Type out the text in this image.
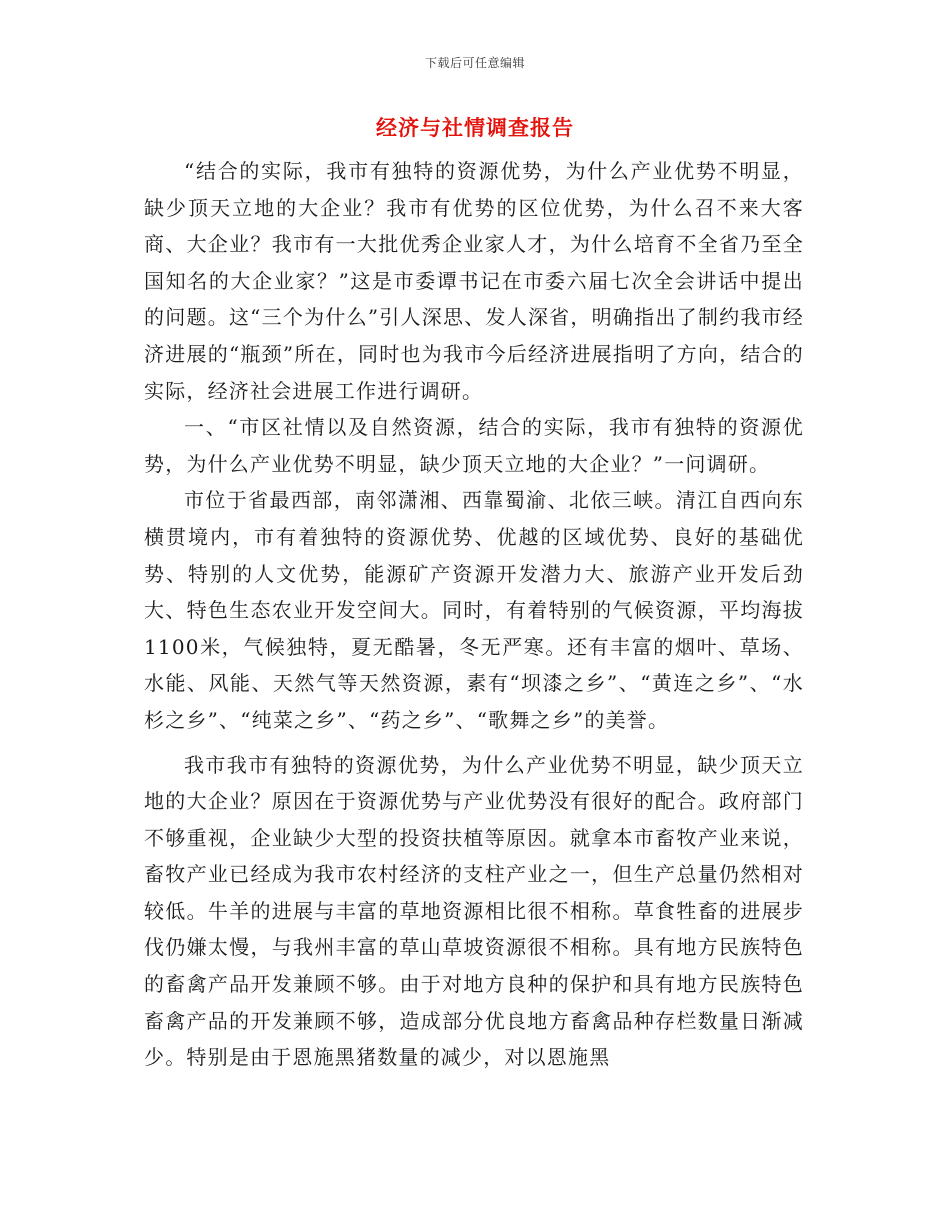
下载后可任意编辑
经济与社情调查报告

“结合的实际，我市有独特的资源优势，为什么产业优势不明显，缺少顶天立地的大企业？我市有优势的区位优势，为什么召不来大客商、大企业？我市有一大批优秀企业家人才，为什么培育不全省乃至全国知名的大企业家？”这是市委谭书记在市委六届七次全会讲话中提出的问题。这“三个为什么”引人深思、发人深省，明确指出了制约我市经济进展的“瓶颈”所在，同时也为我市今后经济进展指明了方向，结合的实际，经济社会进展工作进行调研。

一、“市区社情以及自然资源，结合的实际，我市有独特的资源优势，为什么产业优势不明显，缺少顶天立地的大企业？”一问调研。

市位于省最西部，南邻潇湘、西靠蜀渝、北依三峡。清江自西向东横贯境内，市有着独特的资源优势、优越的区域优势、良好的基础优势、特别的人文优势，能源矿产资源开发潜力大、旅游产业开发后劲大、特色生态农业开发空间大。同时，有着特别的气候资源，平均海拔1100米，气候独特，夏无酷暑，冬无严寒。还有丰富的烟叶、草场、水能、风能、天然气等天然资源，素有“坝漆之乡”、“黄连之乡”、“水杉之乡”、“纯菜之乡”、“药之乡”、“歌舞之乡”的美誉。

我市我市有独特的资源优势，为什么产业优势不明显，缺少顶天立地的大企业？原因在于资源优势与产业优势没有很好的配合。政府部门不够重视，企业缺少大型的投资扶植等原因。就拿本市畜牧产业来说，畜牧产业已经成为我市农村经济的支柱产业之一，但生产总量仍然相对较低。牛羊的进展与丰富的草地资源相比很不相称。草食牲畜的进展步伐仍嫌太慢，与我州丰富的草山草坡资源很不相称。具有地方民族特色的畜禽产品开发兼顾不够。由于对地方良种的保护和具有地方民族特色畜禽产品的开发兼顾不够，造成部分优良地方畜禽品种存栏数量日渐减少。特别是由于恩施黑猪数量的减少，对以恩施黑
